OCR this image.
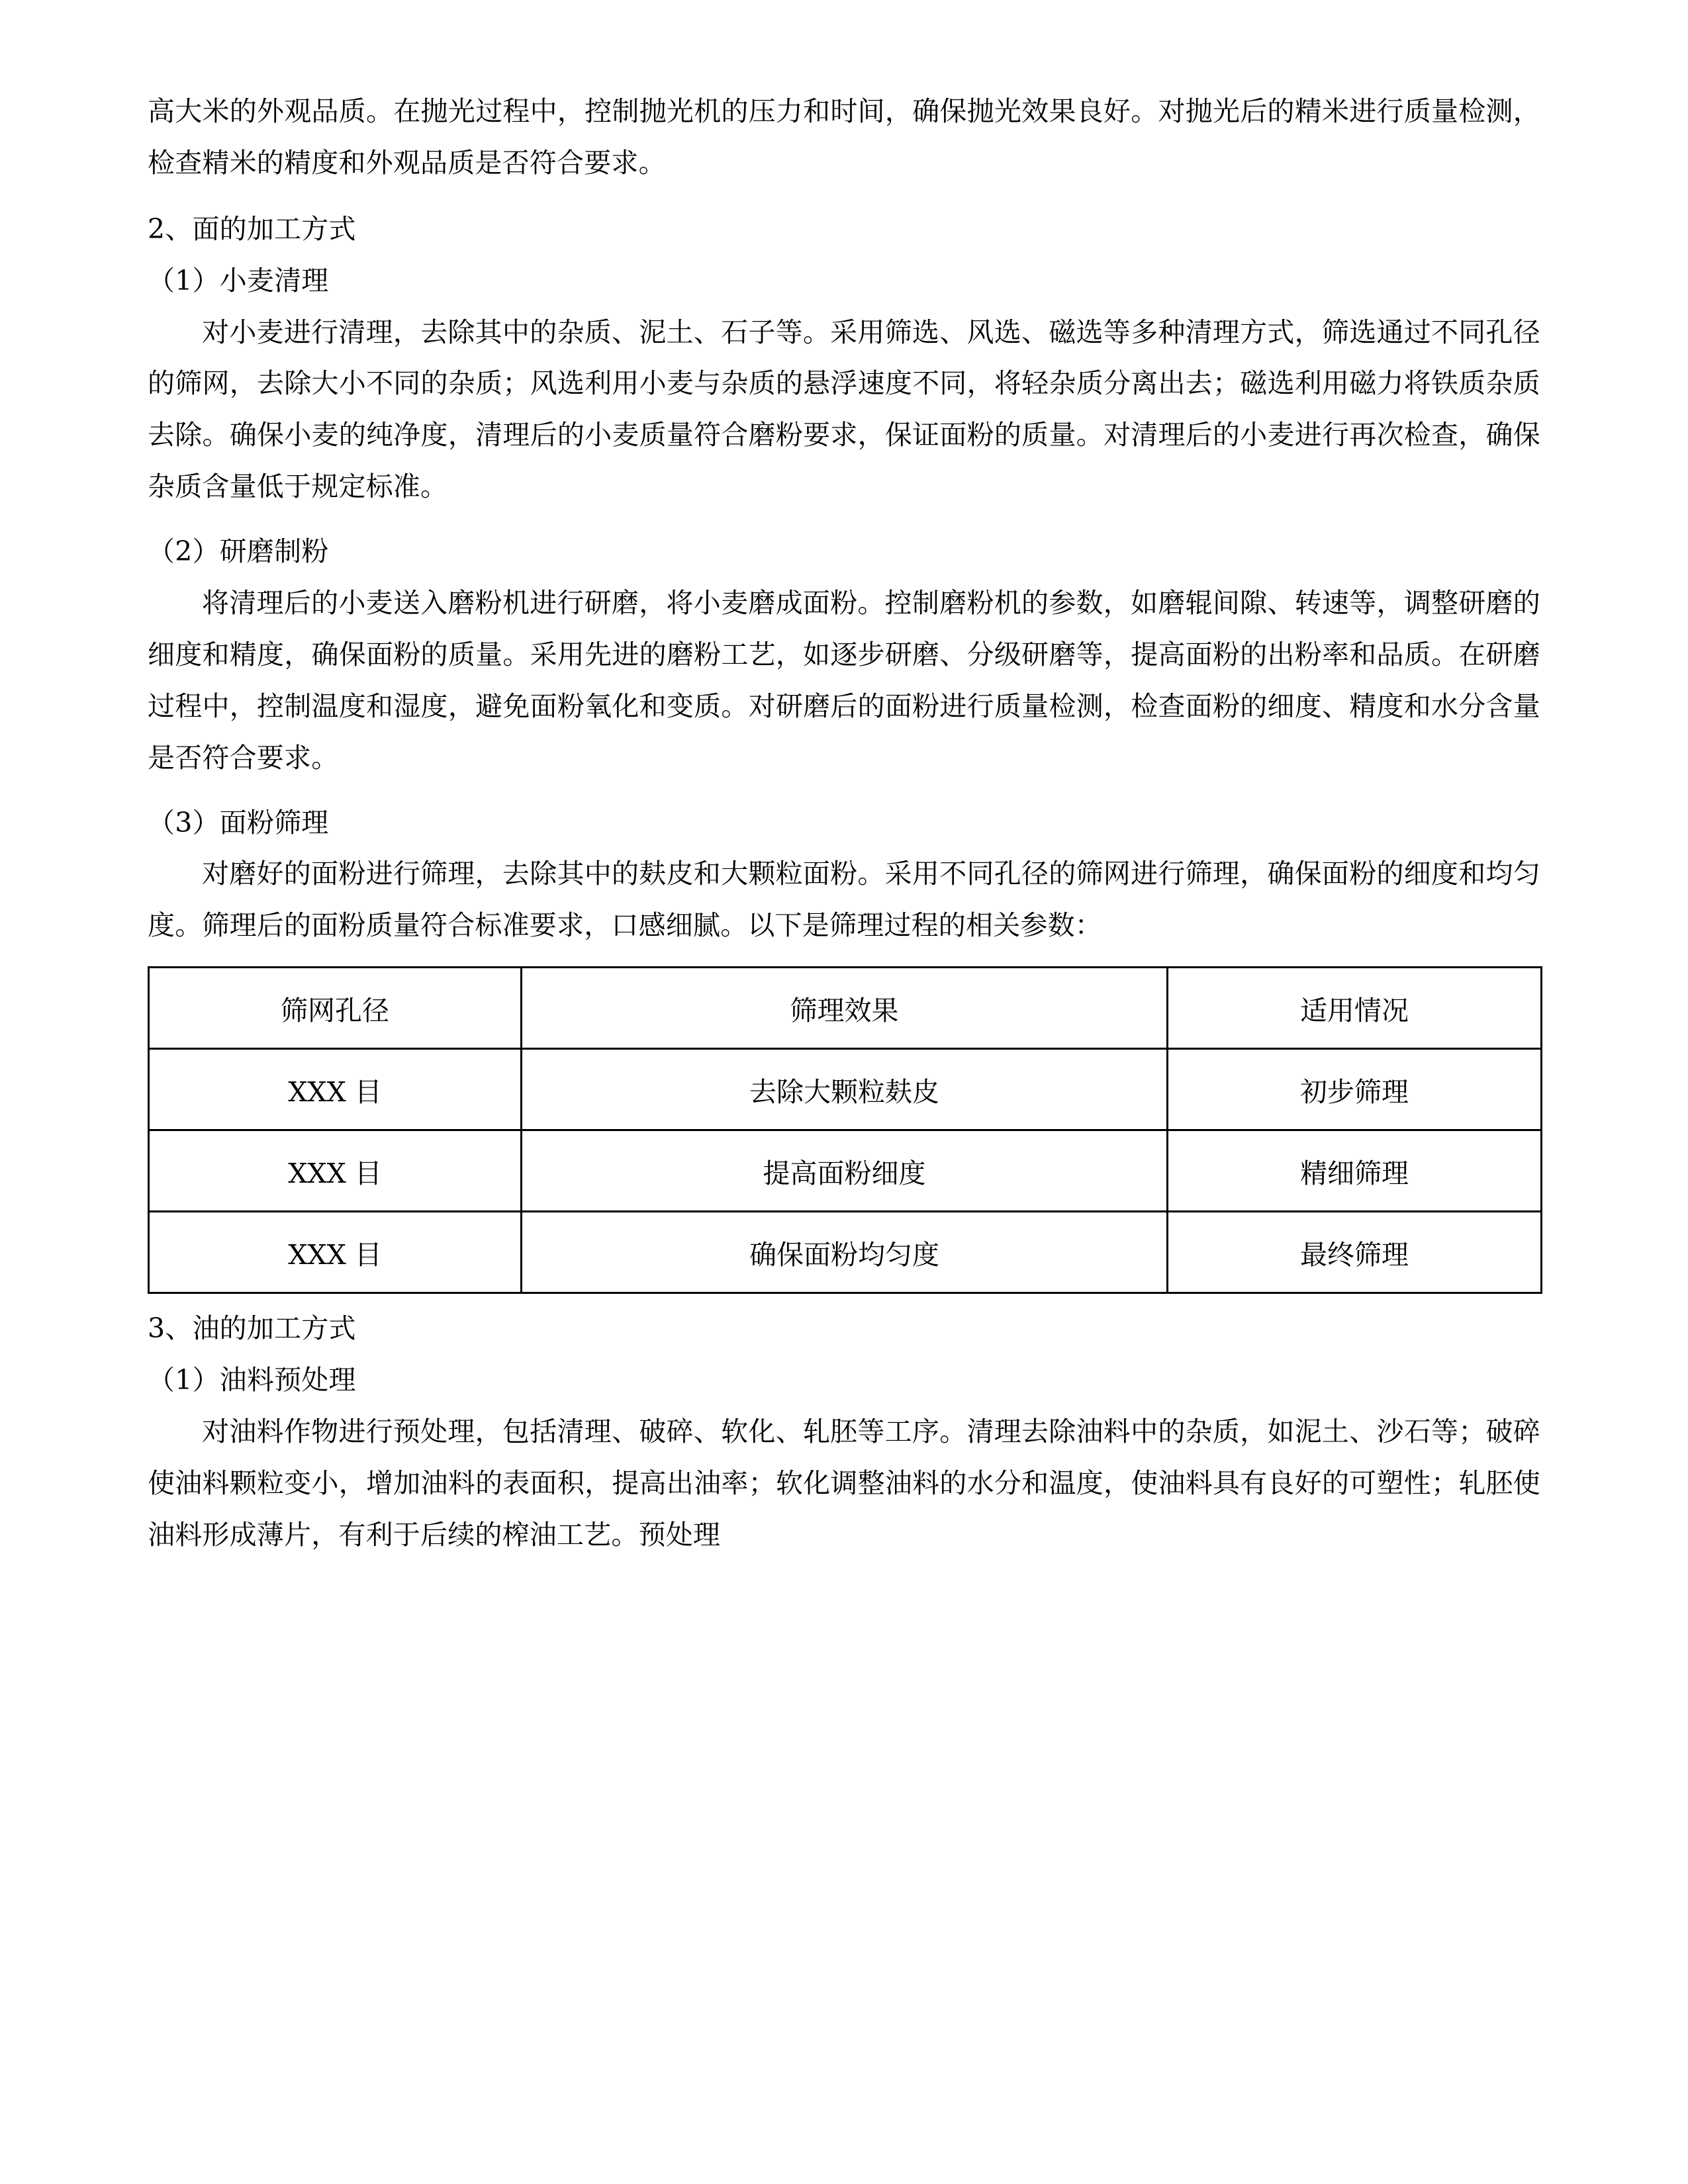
高大米的外观品质。在抛光过程中，控制抛光机的压力和时间，确保抛光效果良好。对抛光后的精米进行质量检测，检查精米的精度和外观品质是否符合要求。

2、面的加工方式

（1）小麦清理

对小麦进行清理，去除其中的杂质、泥土、石子等。采用筛选、风选、磁选等多种清理方式，筛选通过不同孔径的筛网，去除大小不同的杂质；风选利用小麦与杂质的悬浮速度不同，将轻杂质分离出去；磁选利用磁力将铁质杂质去除。确保小麦的纯净度，清理后的小麦质量符合磨粉要求，保证面粉的质量。对清理后的小麦进行再次检查，确保杂质含量低于规定标准。

（2）研磨制粉

将清理后的小麦送入磨粉机进行研磨，将小麦磨成面粉。控制磨粉机的参数，如磨辊间隙、转速等，调整研磨的细度和精度，确保面粉的质量。采用先进的磨粉工艺，如逐步研磨、分级研磨等，提高面粉的出粉率和品质。在研磨过程中，控制温度和湿度，避免面粉氧化和变质。对研磨后的面粉进行质量检测，检查面粉的细度、精度和水分含量是否符合要求。

（3）面粉筛理

对磨好的面粉进行筛理，去除其中的麸皮和大颗粒面粉。采用不同孔径的筛网进行筛理，确保面粉的细度和均匀度。筛理后的面粉质量符合标准要求，口感细腻。以下是筛理过程的相关参数：

筛网孔径	筛理效果	适用情况
XXX 目	去除大颗粒麸皮	初步筛理
XXX 目	提高面粉细度	精细筛理
XXX 目	确保面粉均匀度	最终筛理

3、油的加工方式

（1）油料预处理

对油料作物进行预处理，包括清理、破碎、软化、轧胚等工序。清理去除油料中的杂质，如泥土、沙石等；破碎使油料颗粒变小，增加油料的表面积，提高出油率；软化调整油料的水分和温度，使油料具有良好的可塑性；轧胚使油料形成薄片，有利于后续的榨油工艺。预处理
